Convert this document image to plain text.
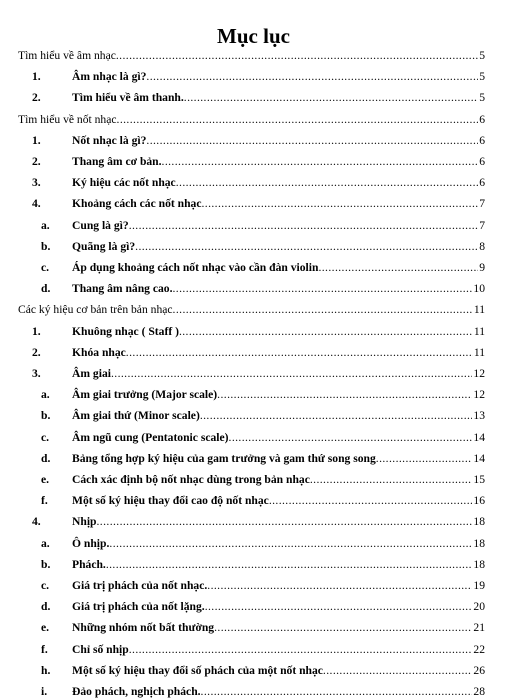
Mục lục
Tìm hiểu về âm nhạc .....	5
1.	Âm nhạc là gì? .....	5
2.	Tìm hiểu về âm thanh. .....	5
Tìm hiểu về nốt nhạc .....	6
1.	Nốt nhạc là gì? .....	6
2.	Thang âm cơ bản. .....	6
3.	Ký hiệu các nốt nhạc .....	6
4.	Khoảng cách các nốt nhạc .....	7
a.	Cung là gì? .....	7
b.	Quãng là gì? .....	8
c.	Áp dụng khoảng cách nốt nhạc vào cần đàn violin .....	9
d.	Thang âm nâng cao. .....	10
Các ký hiệu cơ bản trên bản nhạc .....	11
1.	Khuông nhạc ( Staff ) .....	11
2.	Khóa nhạc .....	11
3.	Âm giai .....	12
a.	Âm giai trưởng (Major scale) .....	12
b.	Âm giai thứ (Minor scale) .....	13
c.	Âm ngũ cung (Pentatonic scale) .....	14
d.	Bảng tổng hợp ký hiệu của gam trưởng và gam thứ song song .....	14
e.	Cách xác định bộ nốt nhạc dùng trong bản nhạc .....	15
f.	Một số ký hiệu thay đổi cao độ nốt nhạc .....	16
4.	Nhịp .....	18
a.	Ô nhịp. .....	18
b.	Phách. .....	18
c.	Giá trị phách của nốt nhạc. .....	19
d.	Giá trị phách của nốt lặng. .....	20
e.	Những nhóm nốt bất thường .....	21
f.	Chỉ số nhịp .....	22
h.	Một số ký hiệu thay đổi số phách của một nốt nhạc .....	26
i.	Đảo phách, nghịch phách. .....	28
